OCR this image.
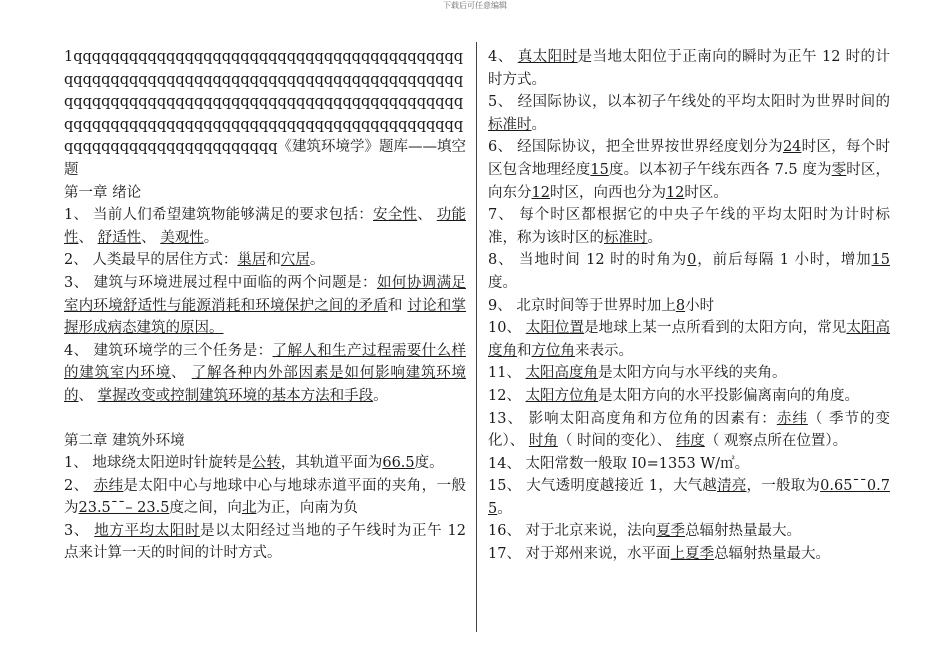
下载后可任意编辑

1qqqqqqqqqqqqqqqqqqqqqqqqqqqqqqqqqqqqqqqqqqqqqqqqqqqqqqqqqqqqqqqqqqqqqqqqqqqqqqqqqqqqqqqqqqqqqqqqqqqqqqqqqqqqqqqqqqqqqqqqqqqqqqqqqqqqqqqqqqqqqqqqqqqqqqqqqqqqqqqqqqqqqqqqqqqqqqqqqqqqqqqqqqqqqqqqqq《建筑环境学》题库——填空题

第一章 绪论

1、 当前人们希望建筑物能够满足的要求包括：安全性、 功能性、 舒适性、 美观性。

2、 人类最早的居住方式：巢居和穴居。

3、 建筑与环境进展过程中面临的两个问题是：如何协调满足室内环境舒适性与能源消耗和环境保护之间的矛盾和 讨论和掌握形成病态建筑的原因。

4、 建筑环境学的三个任务是：了解人和生产过程需要什么样的建筑室内环境、 了解各种内外部因素是如何影响建筑环境的、 掌握改变或控制建筑环境的基本方法和手段。

第二章 建筑外环境

1、 地球绕太阳逆时针旋转是公转，其轨道平面为66.5度。

2、 赤纬是太阳中心与地球中心与地球赤道平面的夹角，一般为23.5¯¯– 23.5度之间，向北为正，向南为负

3、 地方平均太阳时是以太阳经过当地的子午线时为正午 12 点来计算一天的时间的计时方式。

4、 真太阳时是当地太阳位于正南向的瞬时为正午 12 时的计时方式。

5、 经国际协议，以本初子午线处的平均太阳时为世界时间的标准时。

6、 经国际协议，把全世界按世界经度划分为24时区，每个时区包含地理经度15度。以本初子午线东西各 7.5 度为零时区，向东分12时区，向西也分为12时区。

7、 每个时区都根据它的中央子午线的平均太阳时为计时标准，称为该时区的标准时。

8、 当地时间 12 时的时角为0，前后每隔 1 小时，增加15度。

9、 北京时间等于世界时加上8小时

10、 太阳位置是地球上某一点所看到的太阳方向，常见太阳高度角和方位角来表示。

11、 太阳高度角是太阳方向与水平线的夹角。

12、 太阳方位角是太阳方向的水平投影偏离南向的角度。

13、 影响太阳高度角和方位角的因素有：赤纬（ 季节的变化）、 时角（ 时间的变化）、 纬度（ 观察点所在位置）。

14、 太阳常数一般取 I0=1353 W/㎡。

15、 大气透明度越接近 1，大气越清亮，一般取为0.65¯¯0.75。

16、 对于北京来说，法向夏季总辐射热量最大。

17、 对于郑州来说，水平面上夏季总辐射热量最大。
